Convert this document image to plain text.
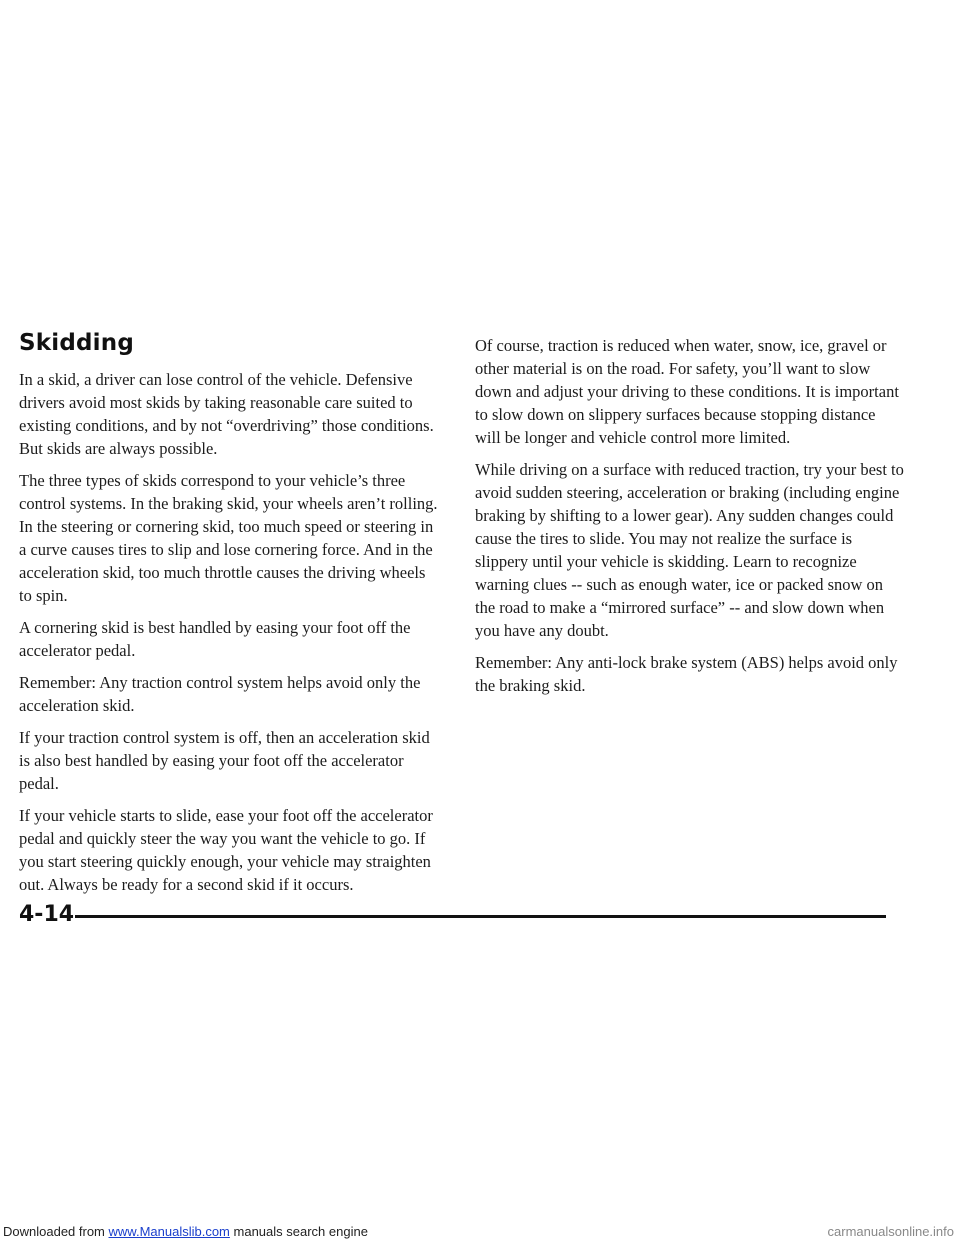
Skidding

In a skid, a driver can lose control of the vehicle. Defensive drivers avoid most skids by taking reasonable care suited to existing conditions, and by not “overdriving” those conditions. But skids are always possible.

The three types of skids correspond to your vehicle’s three control systems. In the braking skid, your wheels aren’t rolling. In the steering or cornering skid, too much speed or steering in a curve causes tires to slip and lose cornering force. And in the acceleration skid, too much throttle causes the driving wheels to spin.

A cornering skid is best handled by easing your foot off the accelerator pedal.

Remember: Any traction control system helps avoid only the acceleration skid.

If your traction control system is off, then an acceleration skid is also best handled by easing your foot off the accelerator pedal.

If your vehicle starts to slide, ease your foot off the accelerator pedal and quickly steer the way you want the vehicle to go. If you start steering quickly enough, your vehicle may straighten out. Always be ready for a second skid if it occurs.

Of course, traction is reduced when water, snow, ice, gravel or other material is on the road. For safety, you’ll want to slow down and adjust your driving to these conditions. It is important to slow down on slippery surfaces because stopping distance will be longer and vehicle control more limited.

While driving on a surface with reduced traction, try your best to avoid sudden steering, acceleration or braking (including engine braking by shifting to a lower gear). Any sudden changes could cause the tires to slide. You may not realize the surface is slippery until your vehicle is skidding. Learn to recognize warning clues -- such as enough water, ice or packed snow on the road to make a “mirrored surface” -- and slow down when you have any doubt.

Remember: Any anti-lock brake system (ABS) helps avoid only the braking skid.

4-14
Downloaded from www.Manualslib.com manuals search engine	carmanualsonline.info
